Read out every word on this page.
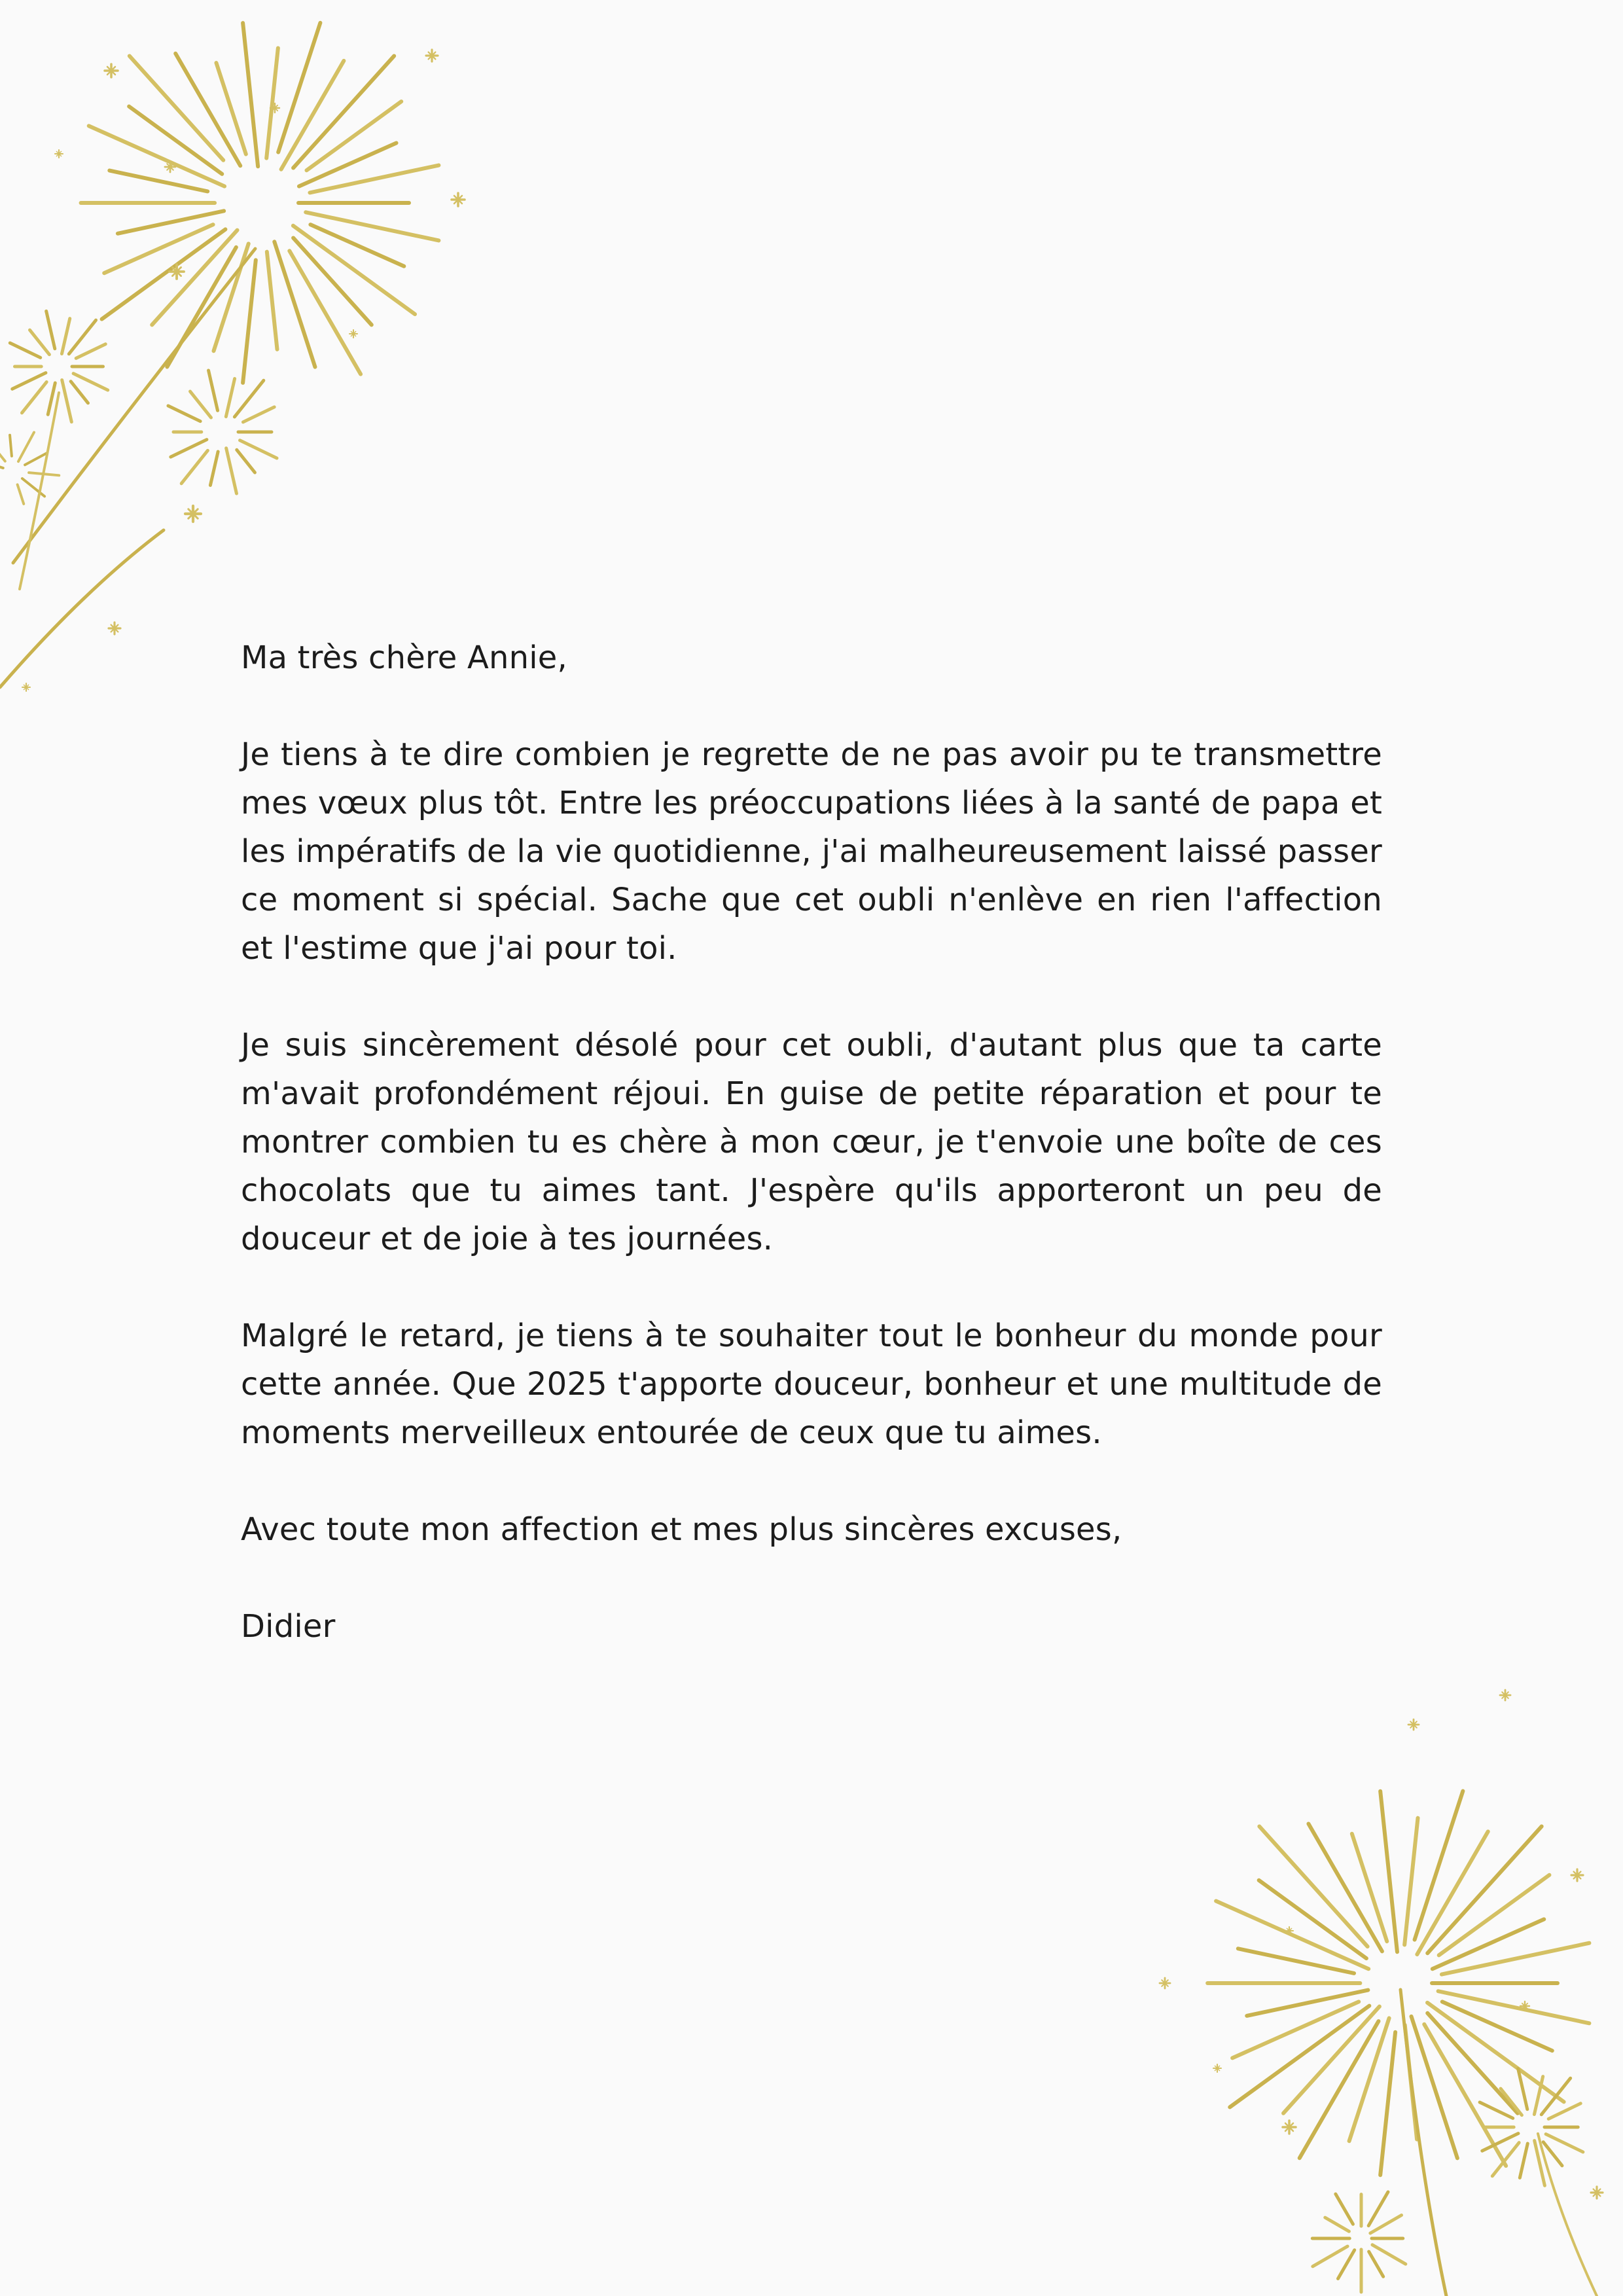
Ma très chère Annie,

Je tiens à te dire combien je regrette de ne pas avoir pu te transmettre mes vœux plus tôt. Entre les préoccupations liées à la santé de papa et les impératifs de la vie quotidienne, j'ai malheureusement laissé passer ce moment si spécial. Sache que cet oubli n'enlève en rien l'affection et l'estime que j'ai pour toi.

Je suis sincèrement désolé pour cet oubli, d'autant plus que ta carte m'avait profondément réjoui. En guise de petite réparation et pour te montrer combien tu es chère à mon cœur, je t'envoie une boîte de ces chocolats que tu aimes tant. J'espère qu'ils apporteront un peu de douceur et de joie à tes journées.

Malgré le retard, je tiens à te souhaiter tout le bonheur du monde pour cette année. Que 2025 t'apporte douceur, bonheur et une multitude de moments merveilleux entourée de ceux que tu aimes.

Avec toute mon affection et mes plus sincères excuses,

Didier
